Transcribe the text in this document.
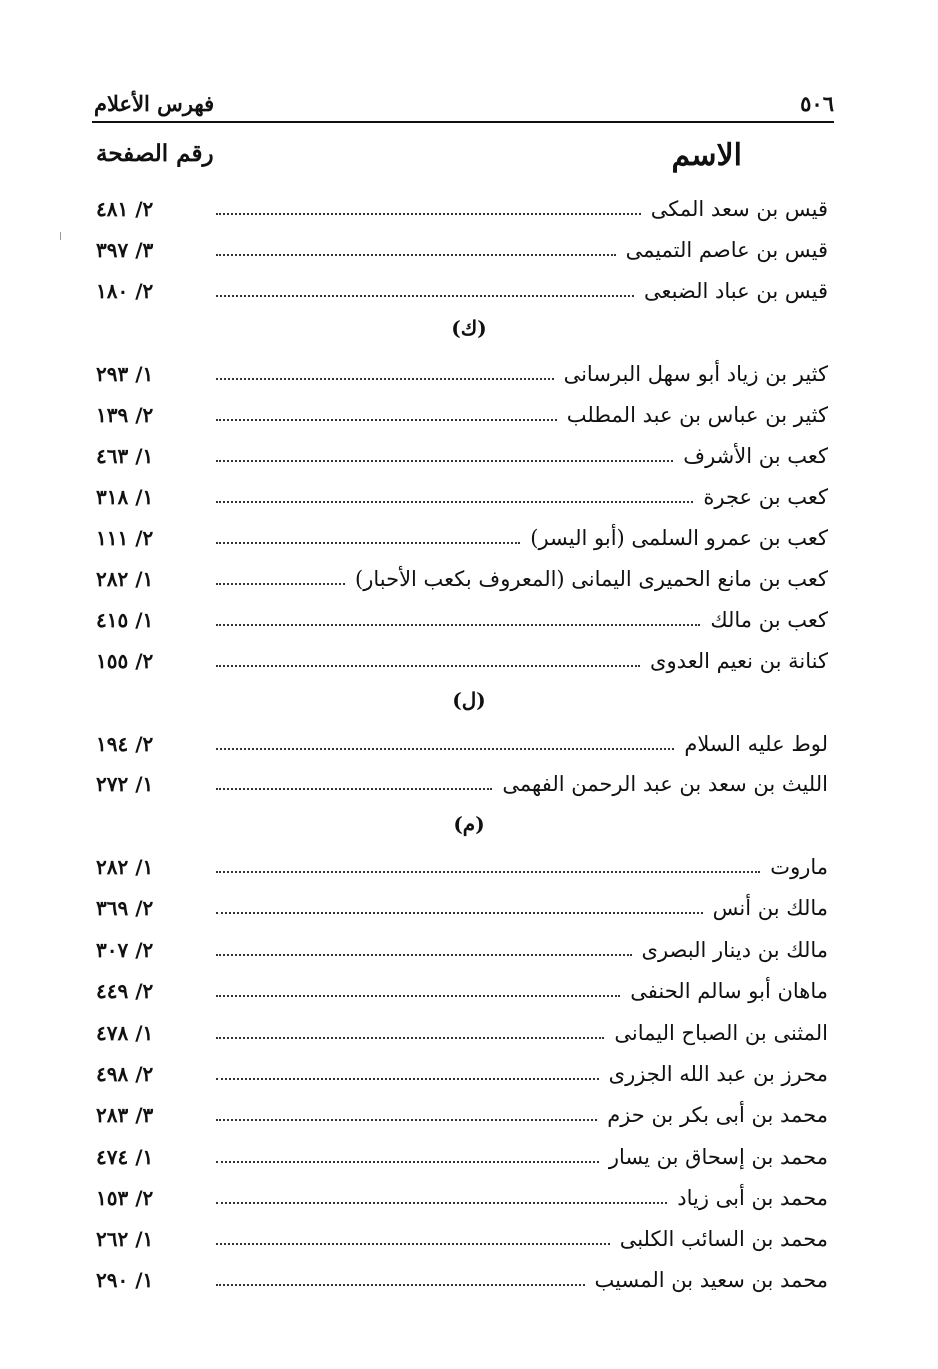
فهرس الأعلام	٥٠٦
الاسم
رقم الصفحة
قيس بن سعد المكى
٢/ ٤٨١
قيس بن عاصم التميمى
٣/ ٣٩٧
قيس بن عباد الضبعى
٢/ ١٨٠
(ك)
كثير بن زياد أبو سهل البرسانى
١/ ٢٩٣
كثير بن عباس بن عبد المطلب
٢/ ١٣٩
كعب بن الأشرف
١/ ٤٦٣
كعب بن عجرة
١/ ٣١٨
كعب بن عمرو السلمى (أبو اليسر)
٢/ ١١١
كعب بن مانع الحميرى اليمانى (المعروف بكعب الأحبار)
١/ ٢٨٢
كعب بن مالك
١/ ٤١٥
كنانة بن نعيم العدوى
٢/ ١٥٥
(ل)
لوط عليه السلام
٢/ ١٩٤
الليث بن سعد بن عبد الرحمن الفهمى
١/ ٢٧٢
(م)
ماروت
١/ ٢٨٢
مالك بن أنس
٢/ ٣٦٩
مالك بن دينار البصرى
٢/ ٣٠٧
ماهان أبو سالم الحنفى
٢/ ٤٤٩
المثنى بن الصباح اليمانى
١/ ٤٧٨
محرز بن عبد الله الجزرى
٢/ ٤٩٨
محمد بن أبى بكر بن حزم
٣/ ٢٨٣
محمد بن إسحاق بن يسار
١/ ٤٧٤
محمد بن أبى زياد
٢/ ١٥٣
محمد بن السائب الكلبى
١/ ٢٦٢
محمد بن سعيد بن المسيب
١/ ٢٩٠
